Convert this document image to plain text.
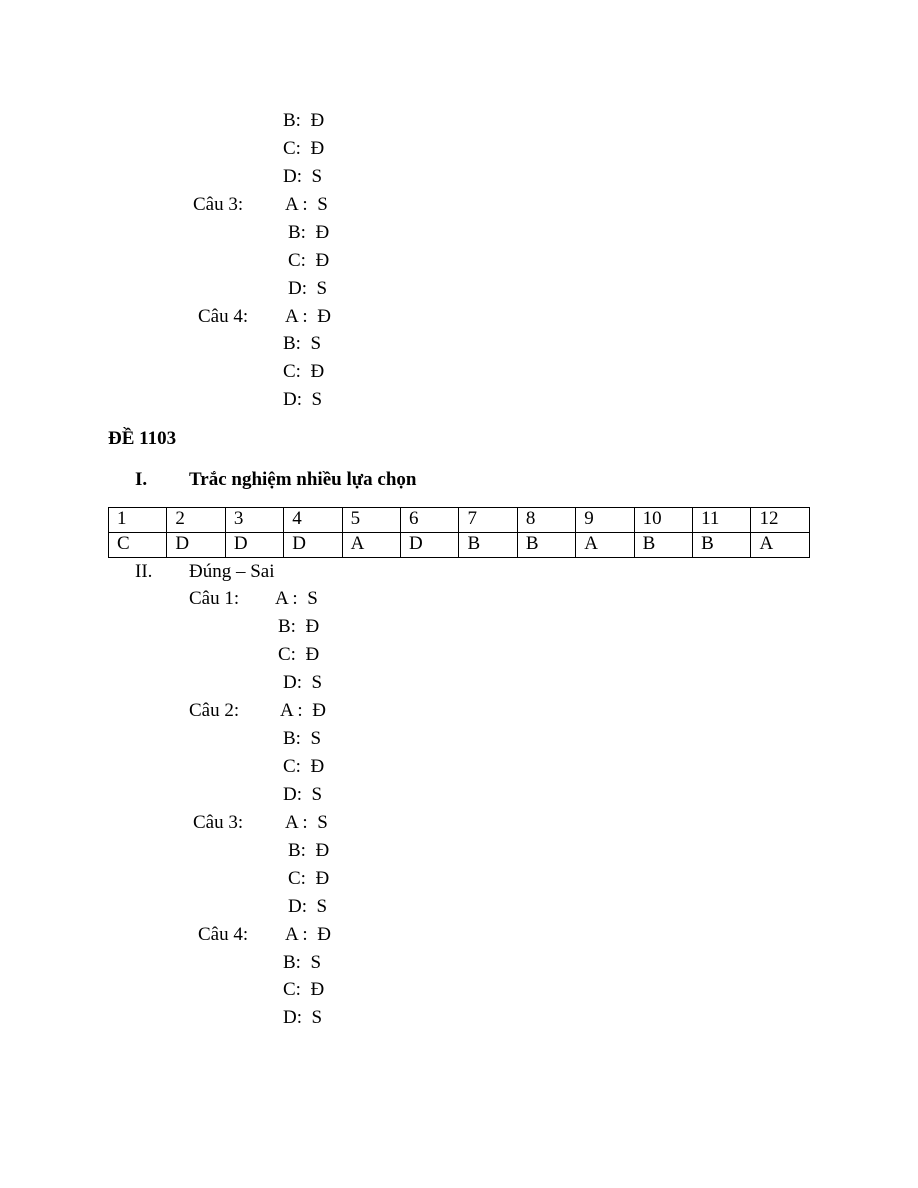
B: Đ
C: Đ
D: S
Câu 3: A : S
B: Đ
C: Đ
D: S
Câu 4: A : Đ
B: S
C: Đ
D: S
ĐỀ 1103
I. Trắc nghiệm nhiều lựa chọn
1	2	3	4	5	6	7	8	9	10	11	12
C	D	D	D	A	D	B	B	A	B	B	A
II. Đúng – Sai
Câu 1: A : S
B: Đ
C: Đ
D: S
Câu 2: A : Đ
B: S
C: Đ
D: S
Câu 3: A : S
B: Đ
C: Đ
D: S
Câu 4: A : Đ
B: S
C: Đ
D: S
